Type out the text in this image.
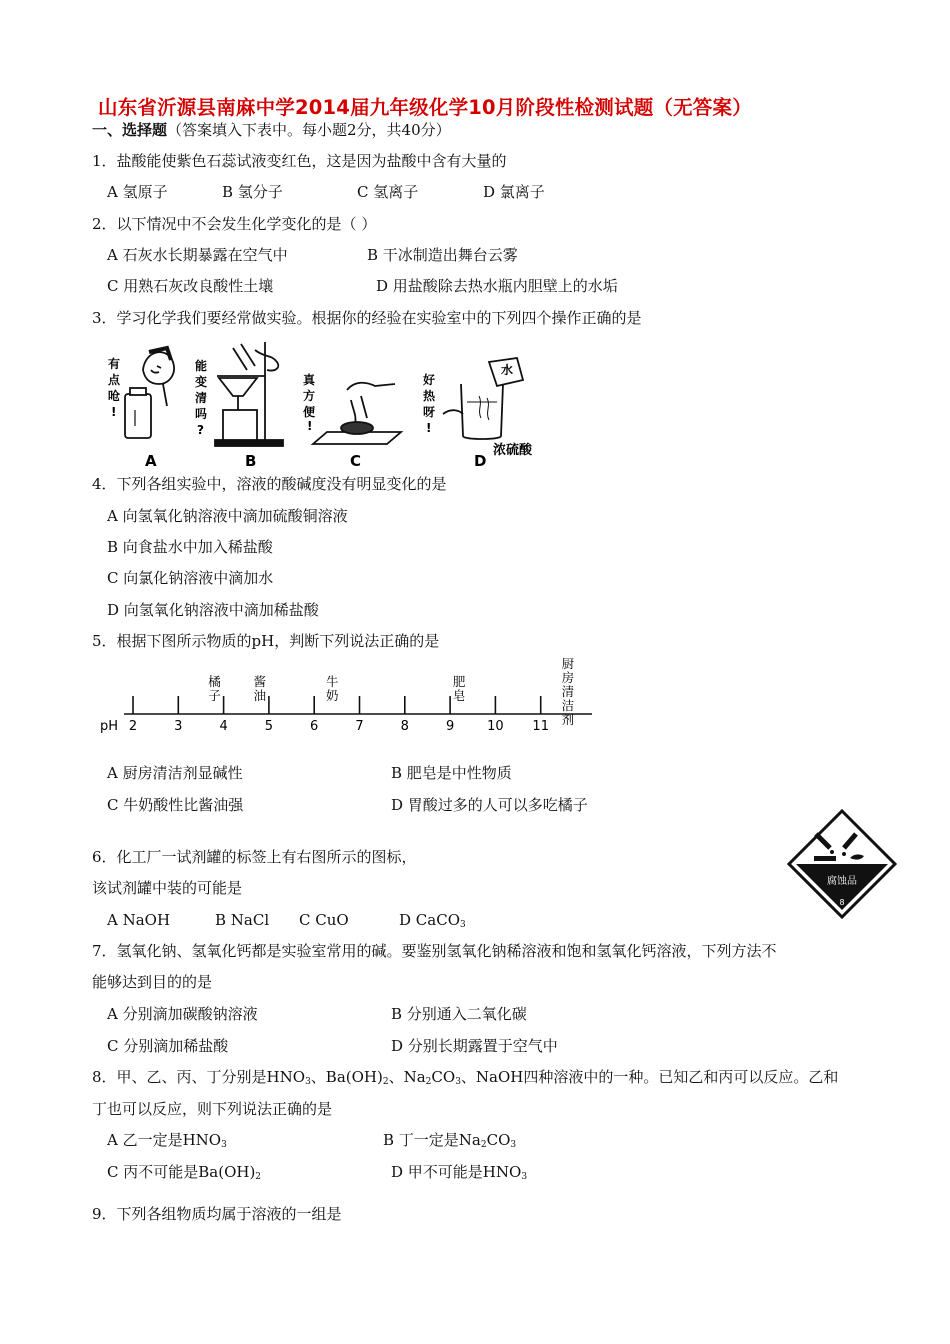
山东省沂源县南麻中学2014届九年级化学10月阶段性检测试题（无答案）
一、选择题（答案填入下表中。每小题2分，共40分）
1．盐酸能使紫色石蕊试液变红色，这是因为盐酸中含有大量的
A 氢原子	B 氢分子	C 氢离子	D 氯离子
2．以下情况中不会发生化学变化的是（ ）
A 石灰水长期暴露在空气中	B 干冰制造出舞台云雾
C 用熟石灰改良酸性土壤	D 用盐酸除去热水瓶内胆壁上的水垢
3．学习化学我们要经常做实验。根据你的经验在实验室中的下列四个操作正确的是
有
点
呛
!
能
变
清
吗
?
真
方
便
!
水
好
热
呀
!
浓硫酸
A	B	C	D
4．下列各组实验中，溶液的酸碱度没有明显变化的是
A 向氢氧化钠溶液中滴加硫酸铜溶液
B 向食盐水中加入稀盐酸
C 向氯化钠溶液中滴加水
D 向氢氧化钠溶液中滴加稀盐酸
5．根据下图所示物质的pH，判断下列说法正确的是
pH 2	3	4	5	6	7	8	9	10 11
橘
子
酱
油
牛
奶
肥
皂
厨
房
清
洁
剂
A 厨房清洁剂显碱性	B 肥皂是中性物质
C 牛奶酸性比酱油强	D 胃酸过多的人可以多吃橘子
6．化工厂一试剂罐的标签上有右图所示的图标，
该试剂罐中装的可能是
A NaOH	B NaCl C CuO	D CaCO$_3$
腐蚀品
8
7．氢氧化钠、氢氧化钙都是实验室常用的碱。要鉴别氢氧化钠稀溶液和饱和氢氧化钙溶液，下列方法不
能够达到目的的是
A 分别滴加碳酸钠溶液	B 分别通入二氧化碳
C 分别滴加稀盐酸	D 分别长期露置于空气中
8．甲、乙、丙、丁分别是$HNO_3$、$Ba(OH)_2$、$Na_2CO_3$、NaOH四种溶液中的一种。已知乙和丙可以反应。乙和
丁也可以反应，则下列说法正确的是
A 乙一定是$HNO_3$	B 丁一定是$Na_2CO_3$
C 丙不可能是$Ba(OH)_2$	D 甲不可能是$HNO_3$
9．下列各组物质均属于溶液的一组是
